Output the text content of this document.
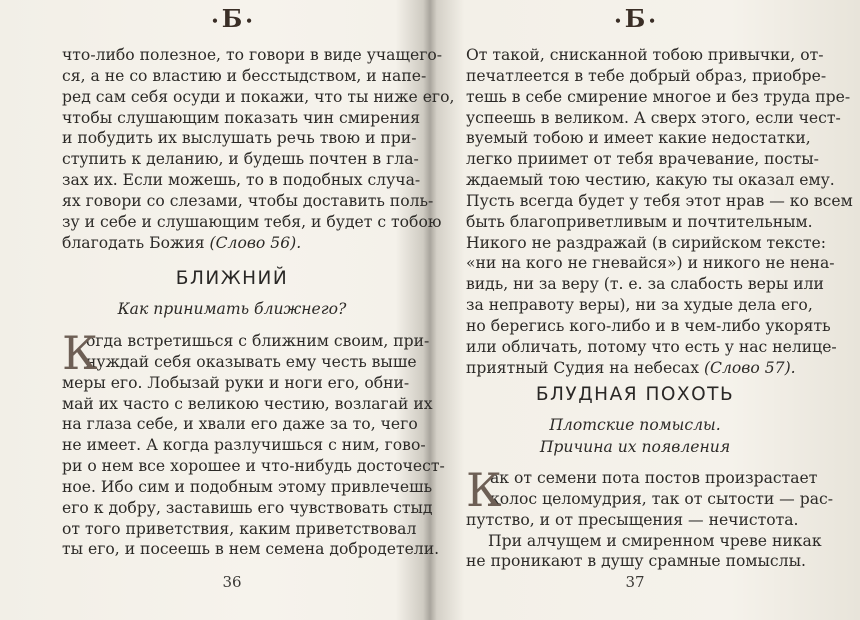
• Б •
что-либо полезное, то говори в виде учащего-
ся, а не со властию и бесстыдством, и напе-
ред сам себя осуди и покажи, что ты ниже его,
чтобы слушающим показать чин смирения
и побудить их выслушать речь твою и при-
ступить к деланию, и будешь почтен в гла-
зах их. Если можешь, то в подобных случа-
ях говори со слезами, чтобы доставить поль-
зу и себе и слушающим тебя, и будет с тобою
благодать Божия (Слово 56).
БЛИЖНИЙ
Как принимать ближнего?
К
огда встретишься с ближним своим, при-
нуждай себя оказывать ему честь выше
меры его. Лобызай руки и ноги его, обни-
май их часто с великою честию, возлагай их
на глаза себе, и хвали его даже за то, чего
не имеет. А когда разлучишься с ним, гово-
ри о нем все хорошее и что-нибудь досточест-
ное. Ибо сим и подобным этому привлечешь
его к добру, заставишь его чувствовать стыд
от того приветствия, каким приветствовал
ты его, и посеешь в нем семена добродетели.
36
• Б •
От такой, снисканной тобою привычки, от-
печатлеется в тебе добрый образ, приобре-
тешь в себе смирение многое и без труда пре-
успеешь в великом. А сверх этого, если чест-
вуемый тобою и имеет какие недостатки,
легко приимет от тебя врачевание, посты-
ждаемый тою честию, какую ты оказал ему.
Пусть всегда будет у тебя этот нрав — ко всем
быть благоприветливым и почтительным.
Никого не раздражай (в сирийском тексте:
«ни на кого не гневайся») и никого не нена-
видь, ни за веру (т. е. за слабость веры или
за неправоту веры), ни за худые дела его,
но берегись кого-либо и в чем-либо укорять
или обличать, потому что есть у нас нелице-
приятный Судия на небесах (Слово 57).
БЛУДНАЯ ПОХОТЬ
Плотские помыслы.
Причина их появления
К
ак от семени пота постов произрастает
колос целомудрия, так от сытости — рас-
путство, и от пресыщения — нечистота.
При алчущем и смиренном чреве никак
не проникают в душу срамные помыслы.
37
